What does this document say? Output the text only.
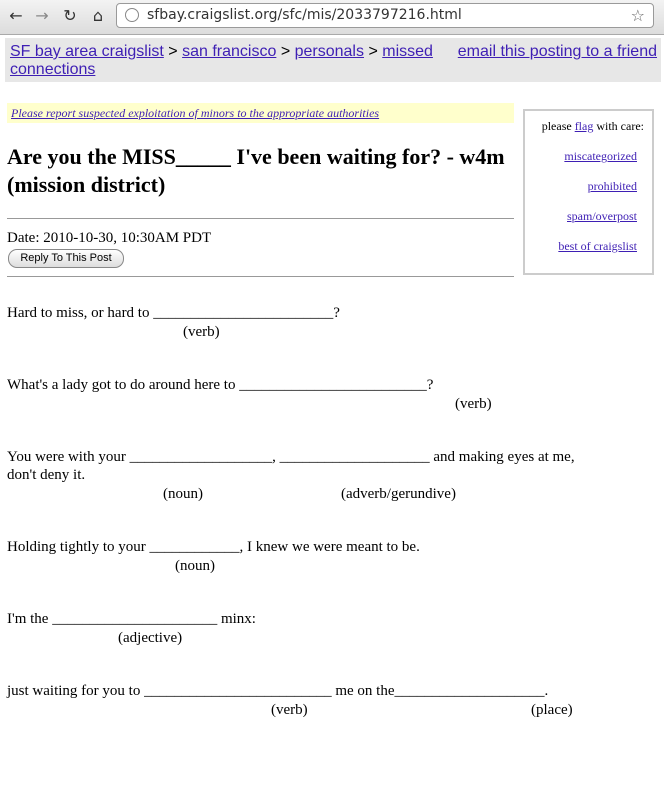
← → ↻	⌂	sfbay.craigslist.org/sfc/mis/2033797216.html	☆
SF bay area craigslist > san francisco > personals > missed connections
email this posting to a friend
Please report suspected exploitation of minors to the appropriate authorities
please flag with care:
miscategorized
prohibited
spam/overpost
best of craigslist
Are you the MISS_____ I've been waiting for? - w4m (mission district)
Date: 2010-10-30, 10:30AM PDT
Reply To This Post
Hard to miss, or hard to ________________________?
(verb)
What's a lady got to do around here to _________________________?
(verb)
You were with your ___________________, ____________________ and making eyes at me,
don't deny it.
(noun)	(adverb/gerundive)
Holding tightly to your ____________, I knew we were meant to be.
(noun)
I'm the ______________________ minx:
(adjective)
just waiting for you to _________________________ me on the____________________.
(verb)	(place)
